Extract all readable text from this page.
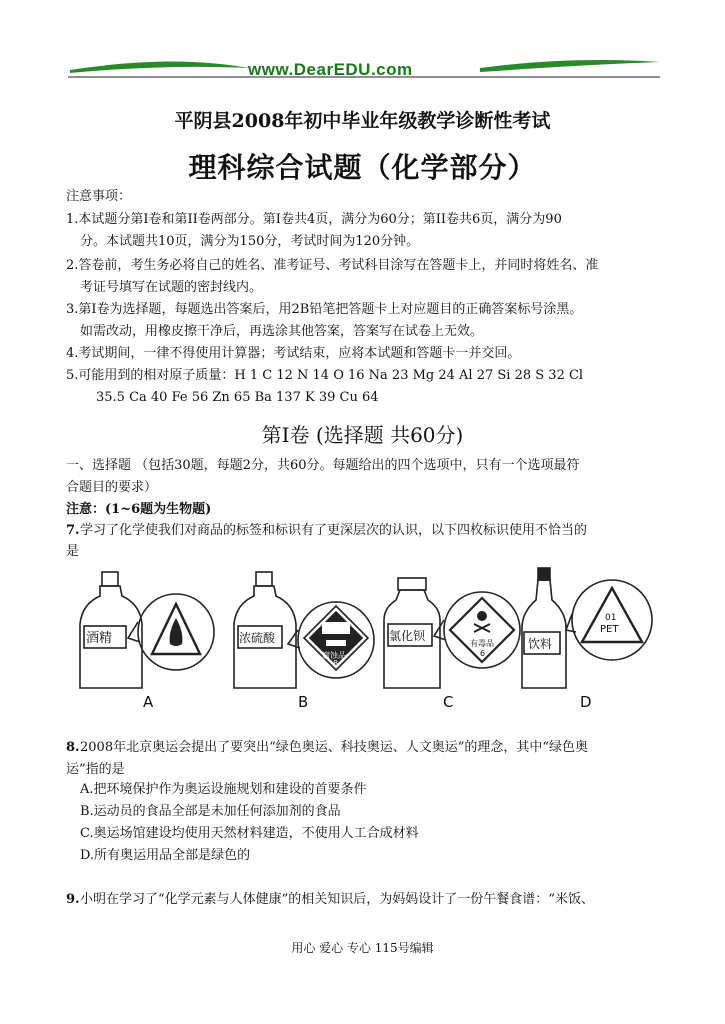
www.DearEDU.com
平阴县2008年初中毕业年级教学诊断性考试
理科综合试题（化学部分）
注意事项：
1.本试题分第Ⅰ卷和第II卷两部分。第Ⅰ卷共4页，满分为60分；第II卷共6页，满分为90
分。本试题共10页，满分为150分，考试时间为120分钟。
2.答卷前，考生务必将自己的姓名、准考证号、考试科目涂写在答题卡上，并同时将姓名、准
考证号填写在试题的密封线内。
3.第Ⅰ卷为选择题，每题选出答案后，用2B铅笔把答题卡上对应题目的正确答案标号涂黑。
如需改动，用橡皮擦干净后，再选涂其他答案，答案写在试卷上无效。
4.考试期间，一律不得使用计算器；考试结束，应将本试题和答题卡一并交回。
5.可能用到的相对原子质量：H 1 C 12 N 14 O 16 Na 23 Mg 24 Al 27 Si 28 S 32 Cl
35.5 Ca 40 Fe 56 Zn 65 Ba 137 K 39 Cu 64
第Ⅰ卷 (选择题 共60分)
一、选择题 （包括30题，每题2分，共60分。每题给出的四个选项中，只有一个选项最符
合题目的要求）
注意：(1~6题为生物题)
7. 学习了化学使我们对商品的标签和标识有了更深层次的认识，以下四枚标识使用不恰当的
是
酒精	浓硫酸
腐蚀品
8
氯化钡
有毒品
6
饮料
01
PET
A	B	C	D
8. 2008年北京奥运会提出了要突出“绿色奥运、科技奥运、人文奥运”的理念，其中“绿色奥
运”指的是
A.把环境保护作为奥运设施规划和建设的首要条件
B.运动员的食品全部是未加任何添加剂的食品
C.奥运场馆建设均使用天然材料建造，不使用人工合成材料
D.所有奥运用品全部是绿色的
9. 小明在学习了“化学元素与人体健康”的相关知识后，为妈妈设计了一份午餐食谱：“米饭、
用心 爱心 专心 115号编辑
